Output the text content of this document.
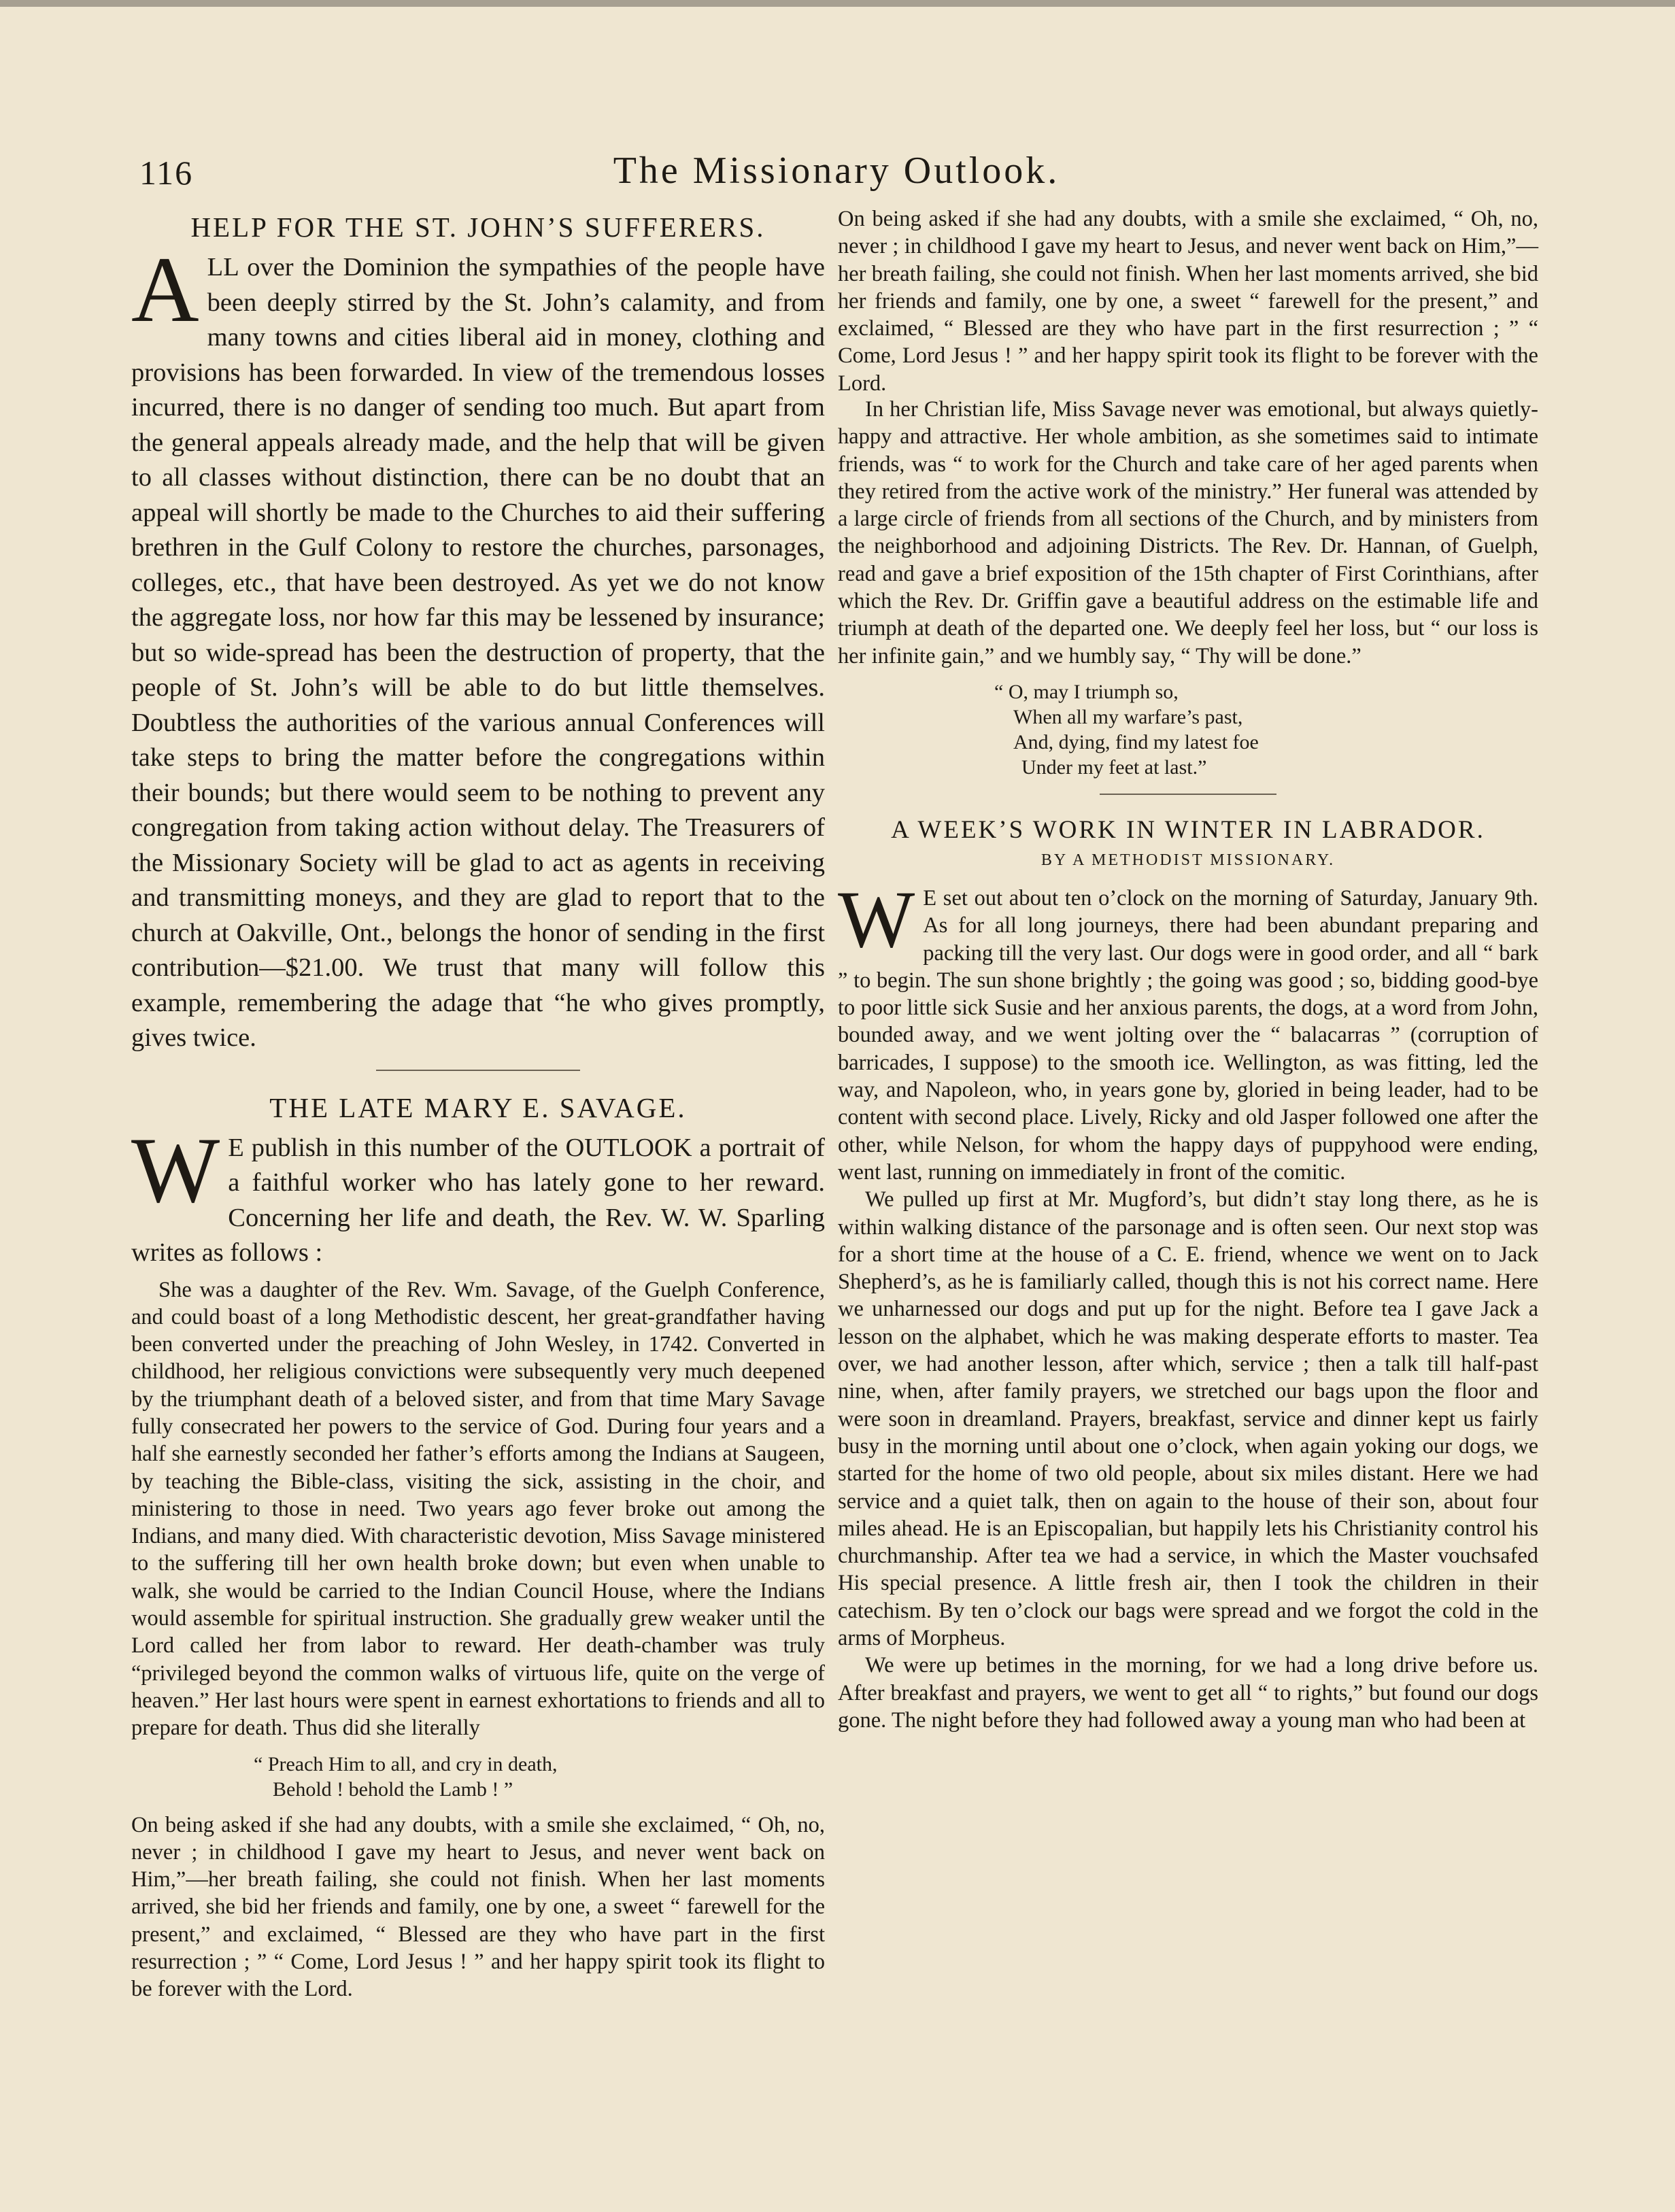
116	The Missionary Outlook.
HELP FOR THE ST. JOHN’S SUFFERERS.

ALL over the Dominion the sympathies of the people have been deeply stirred by the St. John’s calamity, and from many towns and cities liberal aid in money, clothing and provisions has been forwarded. In view of the tremendous losses incurred, there is no danger of sending too much. But apart from the general appeals already made, and the help that will be given to all classes without distinction, there can be no doubt that an appeal will shortly be made to the Churches to aid their suffering brethren in the Gulf Colony to restore the churches, parsonages, colleges, etc., that have been destroyed. As yet we do not know the aggregate loss, nor how far this may be lessened by insurance; but so wide-spread has been the destruction of property, that the people of St. John’s will be able to do but little themselves. Doubtless the authorities of the various annual Conferences will take steps to bring the matter before the congregations within their bounds; but there would seem to be nothing to prevent any congregation from taking action without delay. The Treasurers of the Missionary Society will be glad to act as agents in receiving and transmitting moneys, and they are glad to report that to the church at Oakville, Ont., belongs the honor of sending in the first contribution—$21.00. We trust that many will follow this example, remembering the adage that “he who gives promptly, gives twice.

THE LATE MARY E. SAVAGE.

W E publish in this number of the OUTLOOK a portrait of a faithful worker who has lately gone to her reward. Concerning her life and death, the Rev. W. W. Sparling writes as follows :

She was a daughter of the Rev. Wm. Savage, of the Guelph Conference, and could boast of a long Methodistic descent, her great-grandfather having been converted under the preaching of John Wesley, in 1742. Converted in childhood, her religious convictions were subsequently very much deepened by the triumphant death of a beloved sister, and from that time Mary Savage fully consecrated her powers to the service of God. During four years and a half she earnestly seconded her father’s efforts among the Indians at Saugeen, by teaching the Bible-class, visiting the sick, assisting in the choir, and ministering to those in need. Two years ago fever broke out among the Indians, and many died. With characteristic devotion, Miss Savage ministered to the suffering till her own health broke down; but even when unable to walk, she would be carried to the Indian Council House, where the Indians would assemble for spiritual instruction. She gradually grew weaker until the Lord called her from labor to reward. Her death-chamber was truly “privileged beyond the common walks of virtuous life, quite on the verge of heaven.” Her last hours were spent in earnest exhortations to friends and all to prepare for death. Thus did she literally

“ Preach Him to all, and cry in death,
Behold ! behold the Lamb ! ”

On being asked if she had any doubts, with a smile she exclaimed, “ Oh, no, never ; in childhood I gave my heart to Jesus, and never went back on Him,”—her breath failing, she could not finish. When her last moments arrived, she bid her friends and family, one by one, a sweet “ farewell for the present,” and exclaimed, “ Blessed are they who have part in the first resurrection ; ” “ Come, Lord Jesus ! ” and her happy spirit took its flight to be forever with the Lord.

On being asked if she had any doubts, with a smile she exclaimed, “ Oh, no, never ; in childhood I gave my heart to Jesus, and never went back on Him,”—her breath failing, she could not finish. When her last moments arrived, she bid her friends and family, one by one, a sweet “ farewell for the present,” and exclaimed, “ Blessed are they who have part in the first resurrection ; ” “ Come, Lord Jesus ! ” and her happy spirit took its flight to be forever with the Lord.

In her Christian life, Miss Savage never was emotional, but always quietly-happy and attractive. Her whole ambition, as she sometimes said to intimate friends, was “ to work for the Church and take care of her aged parents when they retired from the active work of the ministry.” Her funeral was attended by a large circle of friends from all sections of the Church, and by ministers from the neighborhood and adjoining Districts. The Rev. Dr. Hannan, of Guelph, read and gave a brief exposition of the 15th chapter of First Corinthians, after which the Rev. Dr. Griffin gave a beautiful address on the estimable life and triumph at death of the departed one. We deeply feel her loss, but “ our loss is her infinite gain,” and we humbly say, “ Thy will be done.”

“ O, may I triumph so,
When all my warfare’s past,
And, dying, find my latest foe
Under my feet at last.”
A WEEK’S WORK IN WINTER IN LABRADOR.
BY A METHODIST MISSIONARY.

W E set out about ten o’clock on the morning of Saturday, January 9th. As for all long journeys, there had been abundant preparing and packing till the very last. Our dogs were in good order, and all “ bark ” to begin. The sun shone brightly ; the going was good ; so, bidding good-bye to poor little sick Susie and her anxious parents, the dogs, at a word from John, bounded away, and we went jolting over the “ balacarras ” (corruption of barricades, I suppose) to the smooth ice. Wellington, as was fitting, led the way, and Napoleon, who, in years gone by, gloried in being leader, had to be content with second place. Lively, Ricky and old Jasper followed one after the other, while Nelson, for whom the happy days of puppyhood were ending, went last, running on immediately in front of the comitic.

We pulled up first at Mr. Mugford’s, but didn’t stay long there, as he is within walking distance of the parsonage and is often seen. Our next stop was for a short time at the house of a C. E. friend, whence we went on to Jack Shepherd’s, as he is familiarly called, though this is not his correct name. Here we unharnessed our dogs and put up for the night. Before tea I gave Jack a lesson on the alphabet, which he was making desperate efforts to master. Tea over, we had another lesson, after which, service ; then a talk till half-past nine, when, after family prayers, we stretched our bags upon the floor and were soon in dreamland. Prayers, breakfast, service and dinner kept us fairly busy in the morning until about one o’clock, when again yoking our dogs, we started for the home of two old people, about six miles distant. Here we had service and a quiet talk, then on again to the house of their son, about four miles ahead. He is an Episcopalian, but happily lets his Christianity control his churchmanship. After tea we had a service, in which the Master vouchsafed His special presence. A little fresh air, then I took the children in their catechism. By ten o’clock our bags were spread and we forgot the cold in the arms of Morpheus.

We were up betimes in the morning, for we had a long drive before us. After breakfast and prayers, we went to get all “ to rights,” but found our dogs gone. The night before they had followed away a young man who had been at
